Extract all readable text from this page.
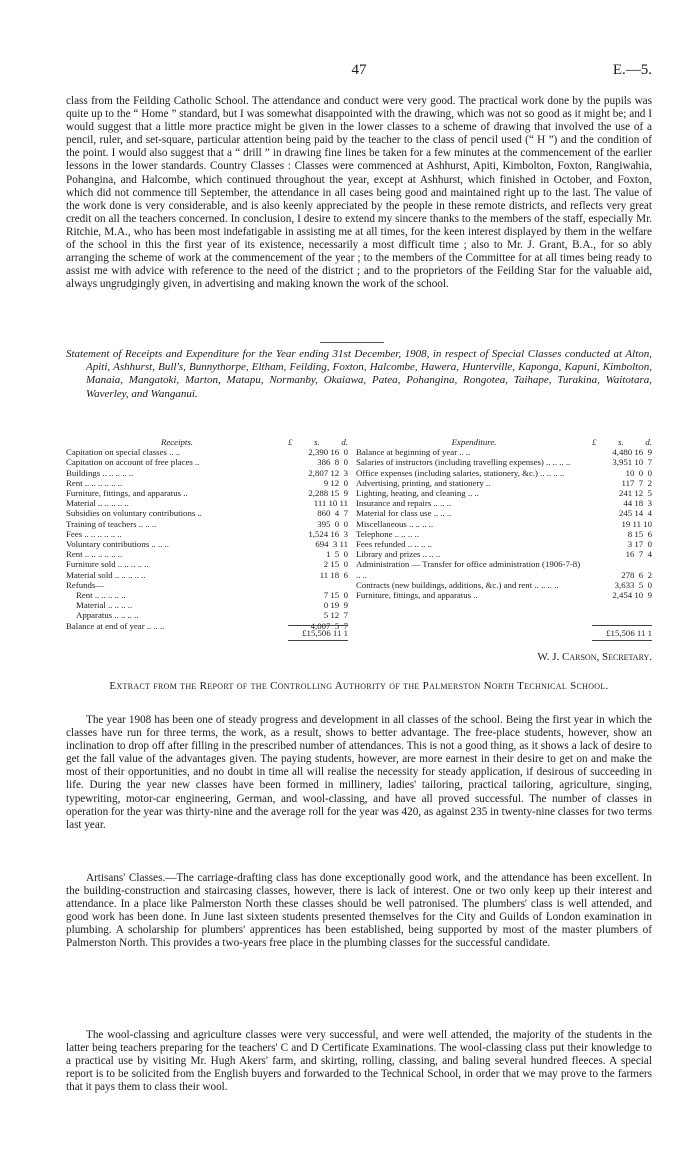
47	E.—5.

class from the Feilding Catholic School. The attendance and conduct were very good. The practical work done by the pupils was quite up to the “ Home ” standard, but I was somewhat disappointed with the drawing, which was not so good as it might be; and I would suggest that a little more practice might be given in the lower classes to a scheme of drawing that involved the use of a pencil, ruler, and set-square, particular attention being paid by the teacher to the class of pencil used (“ H ”) and the condition of the point. I would also suggest that a “ drill ” in drawing fine lines be taken for a few minutes at the commencement of the earlier lessons in the lower standards. Country Classes : Classes were commenced at Ashhurst, Apiti, Kimbolton, Foxton, Rangiwahia, Pohangina, and Halcombe, which continued throughout the year, except at Ashhurst, which finished in October, and Foxton, which did not commence till September, the attendance in all cases being good and maintained right up to the last. The value of the work done is very considerable, and is also keenly appreciated by the people in these remote districts, and reflects very great credit on all the teachers concerned. In conclusion, I desire to extend my sincere thanks to the members of the staff, especially Mr. Ritchie, M.A., who has been most indefatigable in assisting me at all times, for the keen interest displayed by them in the welfare of the school in this the first year of its existence, necessarily a most difficult time ; also to Mr. J. Grant, B.A., for so ably arranging the scheme of work at the commencement of the year ; to the members of the Committee for at all times being ready to assist me with advice with reference to the need of the district ; and to the proprietors of the Feilding Star for the valuable aid, always ungrudgingly given, in advertising and making known the work of the school.

Statement of Receipts and Expenditure for the Year ending 31st December, 1908, in respect of Special Classes conducted at Alton, Apiti, Ashhurst, Bull's, Bunnythorpe, Eltham, Feilding, Foxton, Halcombe, Hawera, Hunterville, Kaponga, Kapuni, Kimbolton, Manaia, Mangatoki, Marton, Matapu, Normanby, Okaiawa, Patea, Pohangina, Rongotea, Taihape, Turakina, Waitotara, Waverley, and Wanganui.

Receipts.	£ s. d.
Capitation on special classes .. ..	2,390 16  0
Capitation on account of free places ..	386  8  0
Buildings .. .. .. .. ..	2,807 12  3
Rent .. .. .. .. .. ..	9 12  0
Furniture, fittings, and apparatus ..	2,288 15  9
Material .. .. .. .. ..	111 10 11
Subsidies on voluntary contributions ..	860  4  7
Training of teachers .. .. ..	395  0  0
Fees .. .. .. .. .. ..	1,524 16  3
Voluntary contributions .. .. ..	694  3 11
Rent .. .. .. .. .. ..	1  5  0
Furniture sold .. .. .. .. ..	2 15  0
Material sold .. .. .. .. ..	11 18  6
Refunds—
Rent .. .. .. .. ..	7 15  0
Material .. .. .. ..	0 19  9
Apparatus .. .. .. ..	5 12  7
Balance at end of year .. .. ..	4,007  5  7
Expenditure.	£ s. d.
Balance at beginning of year .. ..	4,480 16  9
Salaries of instructors (including travelling expenses) .. .. .. ..	3,951 10  7
Office expenses (including salaries, stationery, &c.) .. .. .. ..	10  0  0
Advertising, printing, and stationery ..	117  7  2
Lighting, heating, and cleaning .. ..	241 12  5
Insurance and repairs .. .. ..	44 18  3
Material for class use .. .. ..	245 14  4
Miscellaneous .. .. .. ..	19 11 10
Telephone .. .. .. ..	8 15  6
Fees refunded .. .. .. ..	3 17  0
Library and prizes .. .. ..	16  7  4
Administration — Transfer for office administration (1906-7-8) .. ..	278  6  2
Contracts (new buildings, additions, &c.) and rent .. .. .. ..	3,633  5  0
Furniture, fittings, and apparatus ..	2,454 10  9
£15,506 11 1	£15,506 11 1
W. J. Carson, Secretary.
Extract from the Report of the Controlling Authority of the Palmerston North Technical School.

The year 1908 has been one of steady progress and development in all classes of the school. Being the first year in which the classes have run for three terms, the work, as a result, shows to better advantage. The free-place students, however, show an inclination to drop off after filling in the prescribed number of attendances. This is not a good thing, as it shows a lack of desire to get the fall value of the advantages given. The paying students, however, are more earnest in their desire to get on and make the most of their opportunities, and no doubt in time all will realise the necessity for steady application, if desirous of succeeding in life. During the year new classes have been formed in millinery, ladies' tailoring, practical tailoring, agriculture, singing, typewriting, motor-car engineering, German, and wool-classing, and have all proved successful. The number of classes in operation for the year was thirty-nine and the average roll for the year was 420, as against 235 in twenty-nine classes for two terms last year.

Artisans' Classes.—The carriage-drafting class has done exceptionally good work, and the attendance has been excellent. In the building-construction and staircasing classes, however, there is lack of interest. One or two only keep up their interest and attendance. In a place like Palmerston North these classes should be well patronised. The plumbers' class is well attended, and good work has been done. In June last sixteen students presented themselves for the City and Guilds of London examination in plumbing. A scholarship for plumbers' apprentices has been established, being supported by most of the master plumbers of Palmerston North. This provides a two-years free place in the plumbing classes for the successful candidate.

The wool-classing and agriculture classes were very successful, and were well attended, the majority of the students in the latter being teachers preparing for the teachers' C and D Certificate Examinations. The wool-classing class put their knowledge to a practical use by visiting Mr. Hugh Akers' farm, and skirting, rolling, classing, and baling several hundred fleeces. A special report is to be solicited from the English buyers and forwarded to the Technical School, in order that we may prove to the farmers that it pays them to class their wool.
